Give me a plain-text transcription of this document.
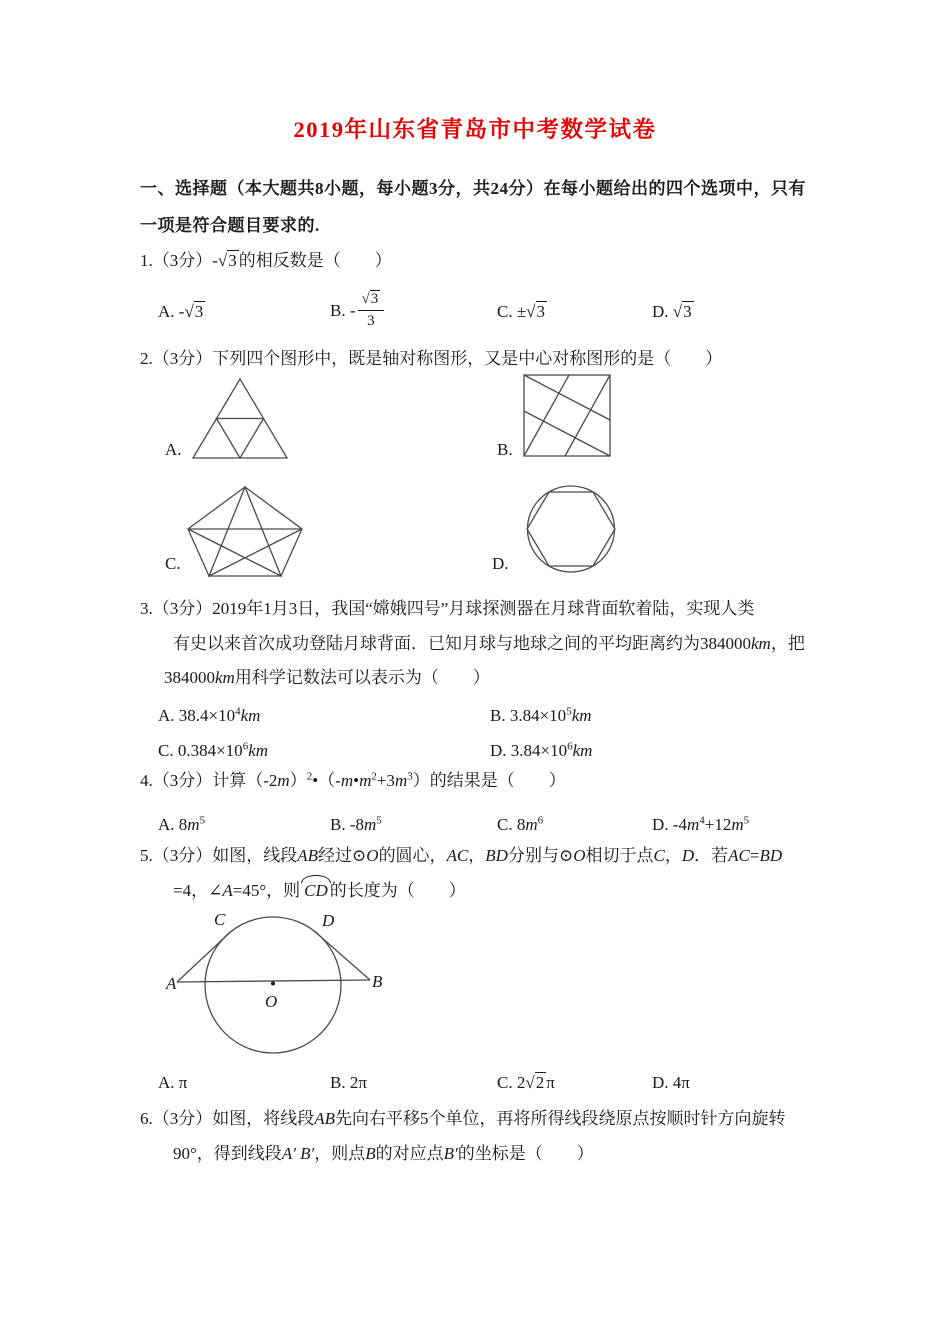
2019年山东省青岛市中考数学试卷
一、选择题（本大题共8小题，每小题3分，共24分）在每小题给出的四个选项中，只有
一项是符合题目要求的.
1.（3分）-√3 的相反数是（　　）
A. -√3	B. - $\frac{√3}{3}$	C. ±√3	D. √3
2.（3分）下列四个图形中，既是轴对称图形，又是中心对称图形的是（　　）
A.	B.
C.	D.
3.（3分）2019年1月3日，我国“嫦娥四号”月球探测器在月球背面软着陆，实现人类
有史以来首次成功登陆月球背面．已知月球与地球之间的平均距离约为384000km，把
384000km用科学记数法可以表示为（　　）
A. $38.4\times 10^4km$	B. $3.84\times 10^5km$
C. $0.384\times 10^6km$	D. $3.84\times 10^6km$
4.（3分）计算$(-2m)^2•(-m•m^2+3m^3)$的结果是（　　）
A. $8m^5$	B. $-8m^5$	C. $8m^6$	D. $-4m^4+12m^5$
5.（3分）如图，线段AB经过⊙O的圆心，AC，BD分别与⊙O相切于点C，D．若AC=BD
=4，∠A=45°，则 CD 的长度为（　　）
A	B
C	D
O
A. π	B. 2π	C. 2√2 π	D. 4π
6.（3分）如图，将线段AB先向右平移5个单位，再将所得线段绕原点按顺时针方向旋转
90°，得到线段A′ B′，则点B的对应点B′的坐标是（　　）
